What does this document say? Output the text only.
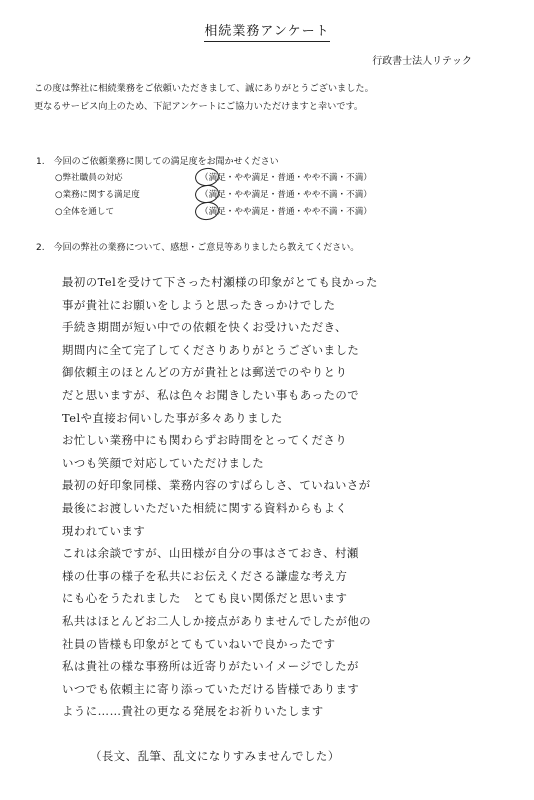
相続業務アンケート
行政書士法人リテック
この度は弊社に相続業務をご依頼いただきまして、誠にありがとうございました。
更なるサービス向上のため、下記アンケートにご協力いただけますと幸いです。
1.　今回のご依頼業務に関しての満足度をお聞かせください
○弊社職員の対応	（満足・やや満足・普通・やや不満・不満）
○業務に関する満足度	（満足・やや満足・普通・やや不満・不満）
○全体を通して	（満足・やや満足・普通・やや不満・不満）
2.　今回の弊社の業務について、感想・ご意見等ありましたら教えてください。
最初のTelを受けて下さった村瀬様の印象がとても良かった
事が貴社にお願いをしようと思ったきっかけでした
手続き期間が短い中での依頼を快くお受けいただき、
期間内に全て完了してくださりありがとうございました
御依頼主のほとんどの方が貴社とは郵送でのやりとり
だと思いますが、私は色々お聞きしたい事もあったので
Telや直接お伺いした事が多々ありました
お忙しい業務中にも関わらずお時間をとってくださり
いつも笑顔で対応していただけました
最初の好印象同様、業務内容のすばらしさ、ていねいさが
最後にお渡しいただいた相続に関する資料からもよく
現われています
これは余談ですが、山田様が自分の事はさておき、村瀬
様の仕事の様子を私共にお伝えくださる謙虚な考え方
にも心をうたれました　とても良い関係だと思います
私共はほとんどお二人しか接点がありませんでしたが他の
社員の皆様も印象がとてもていねいで良かったです
私は貴社の様な事務所は近寄りがたいイメージでしたが
いつでも依頼主に寄り添っていただける皆様であります
ように……貴社の更なる発展をお祈りいたします
（長文、乱筆、乱文になりすみませんでした）
